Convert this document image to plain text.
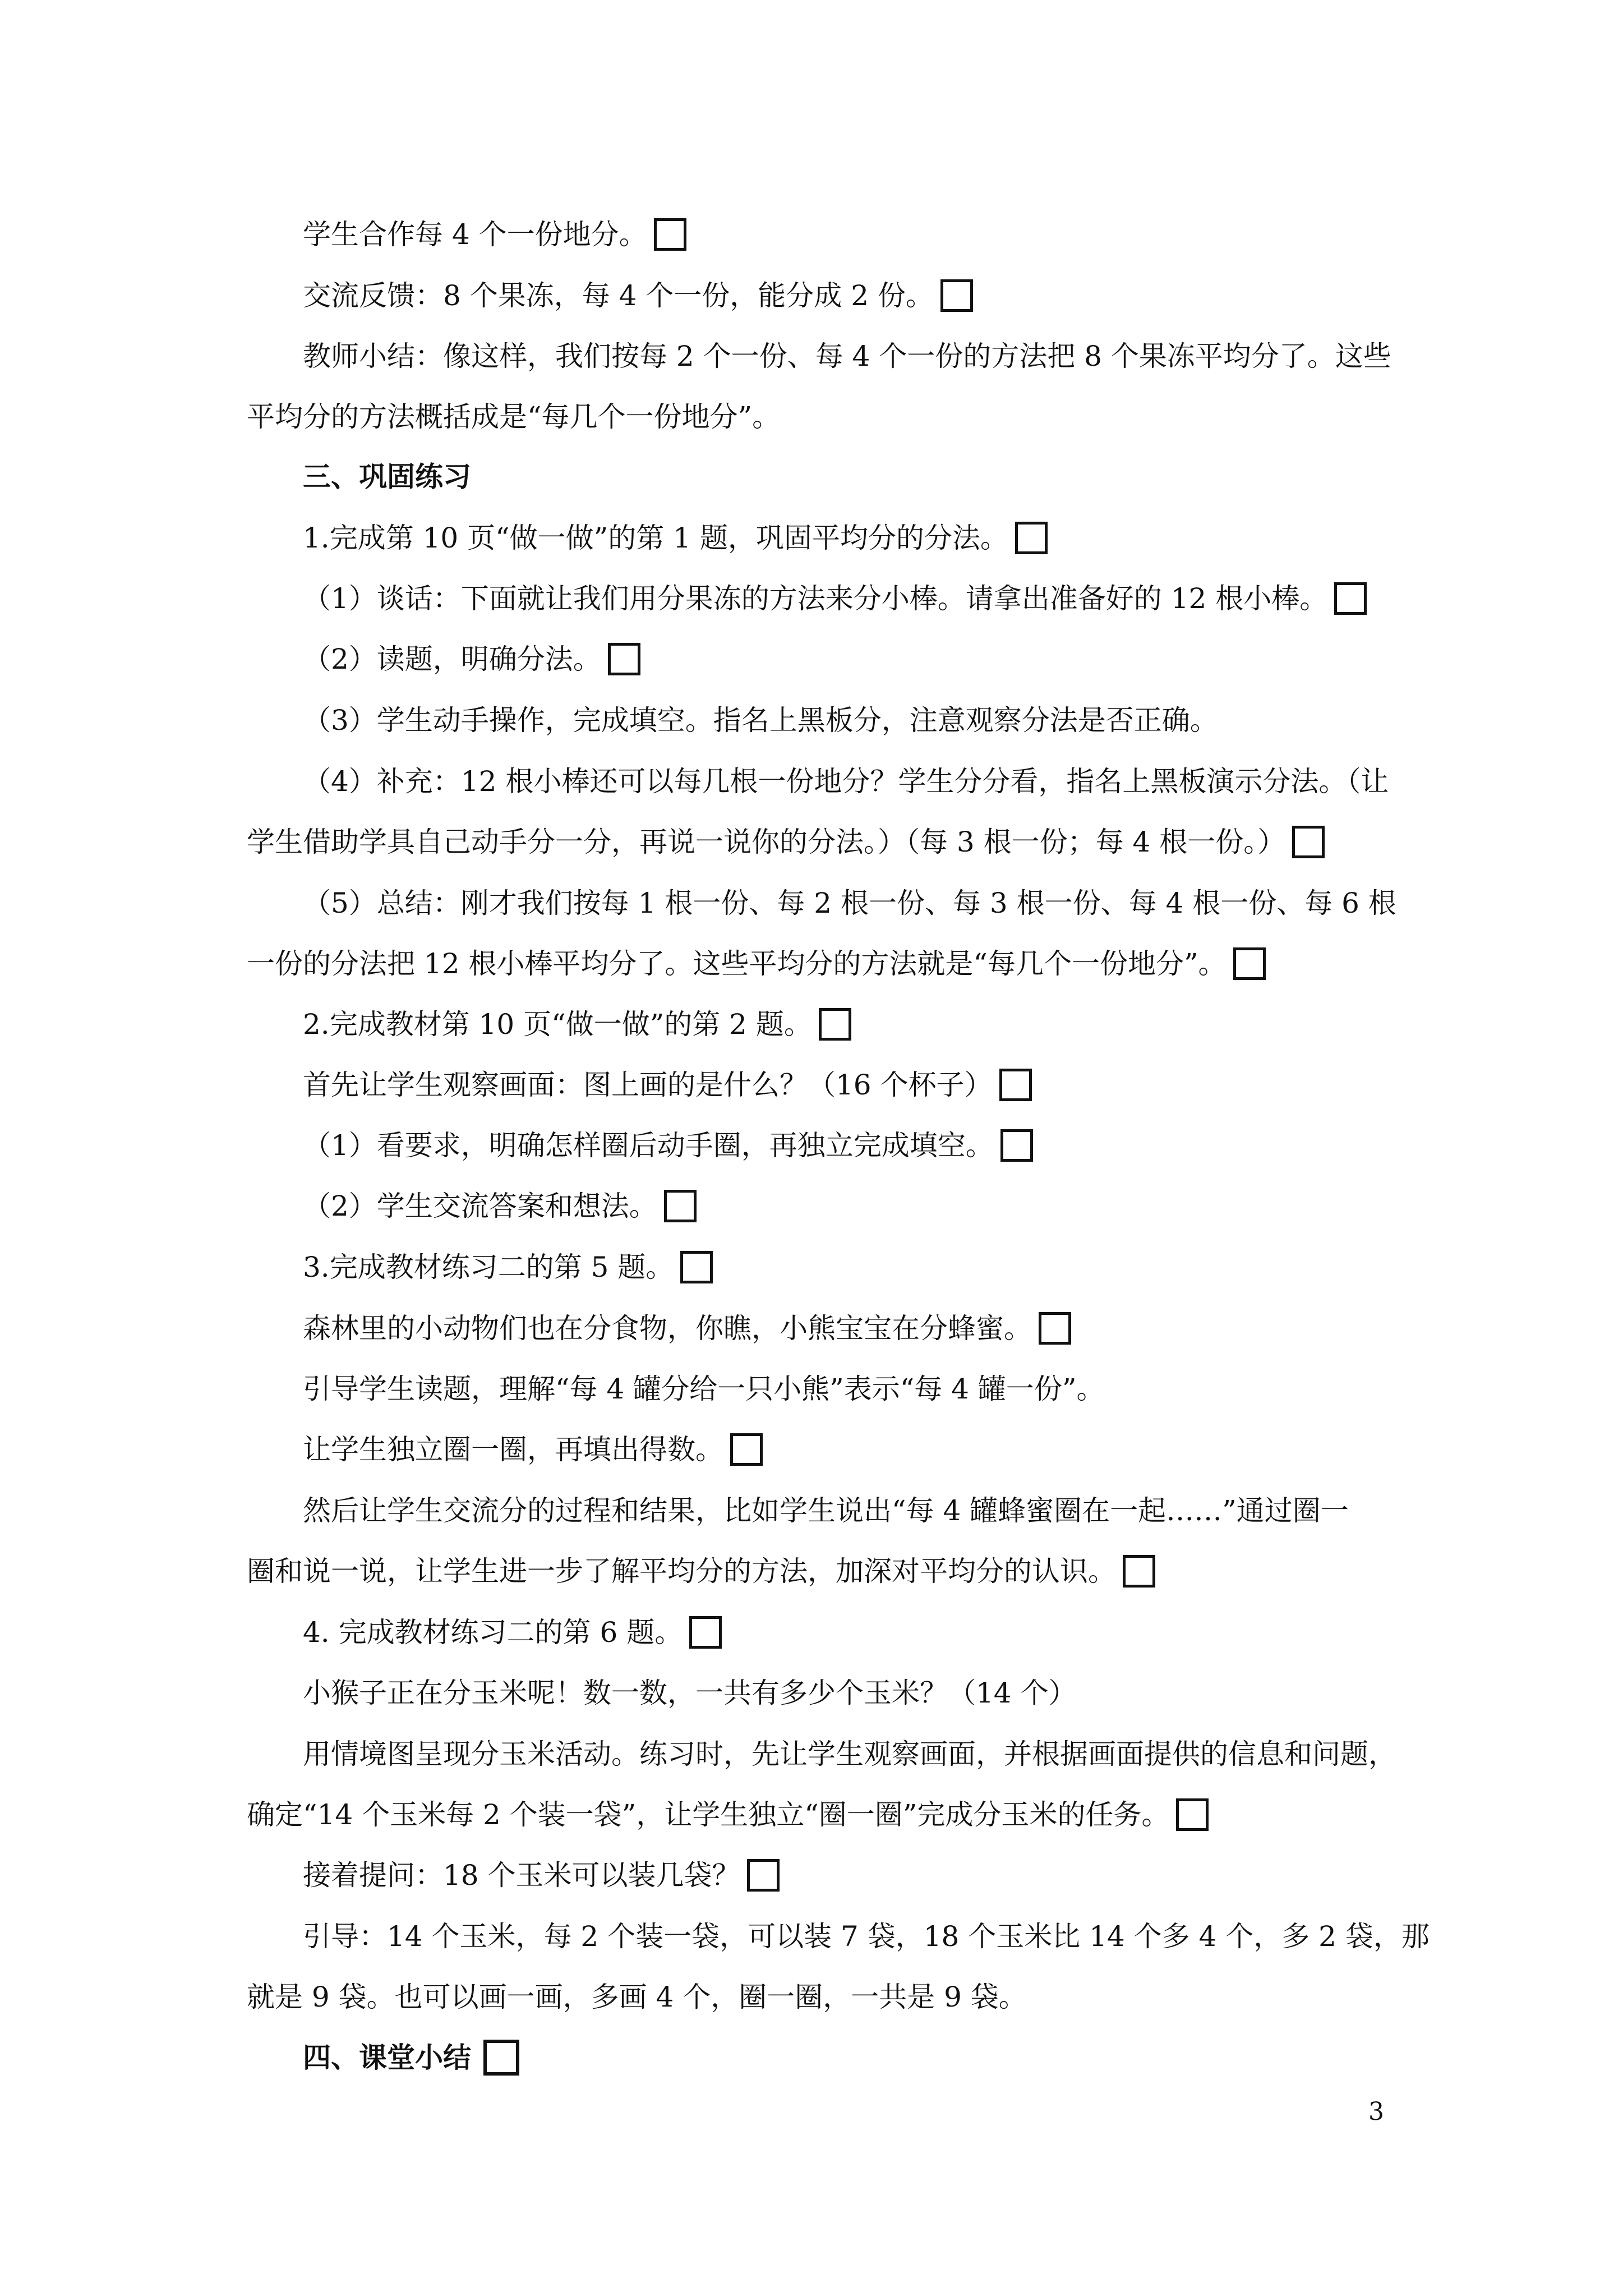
学生合作每 4 个一份地分。
交流反馈：8 个果冻，每 4 个一份，能分成 2 份。
教师小结：像这样，我们按每 2 个一份、每 4 个一份的方法把 8 个果冻平均分了。这些
平均分的方法概括成是“每几个一份地分”。
三、巩固练习
1.完成第 10 页“做一做”的第 1 题，巩固平均分的分法。
（1）谈话：下面就让我们用分果冻的方法来分小棒。请拿出准备好的 12 根小棒。
（2）读题，明确分法。
（3）学生动手操作，完成填空。指名上黑板分，注意观察分法是否正确。
（4）补充：12 根小棒还可以每几根一份地分？学生分分看，指名上黑板演示分法。（让
学生借助学具自己动手分一分，再说一说你的分法。）（每 3 根一份；每 4 根一份。）
（5）总结：刚才我们按每 1 根一份、每 2 根一份、每 3 根一份、每 4 根一份、每 6 根
一份的分法把 12 根小棒平均分了。这些平均分的方法就是“每几个一份地分”。
2.完成教材第 10 页“做一做”的第 2 题。
首先让学生观察画面：图上画的是什么？（16 个杯子）
（1）看要求，明确怎样圈后动手圈，再独立完成填空。
（2）学生交流答案和想法。
3.完成教材练习二的第 5 题。
森林里的小动物们也在分食物，你瞧，小熊宝宝在分蜂蜜。
引导学生读题，理解“每 4 罐分给一只小熊”表示“每 4 罐一份”。
让学生独立圈一圈，再填出得数。
然后让学生交流分的过程和结果，比如学生说出“每 4 罐蜂蜜圈在一起……”通过圈一
圈和说一说，让学生进一步了解平均分的方法，加深对平均分的认识。
4. 完成教材练习二的第 6 题。
小猴子正在分玉米呢！数一数，一共有多少个玉米？（14 个）
用情境图呈现分玉米活动。练习时，先让学生观察画面，并根据画面提供的信息和问题，
确定“14 个玉米每 2 个装一袋”，让学生独立“圈一圈”完成分玉米的任务。
接着提问：18 个玉米可以装几袋？
引导：14 个玉米，每 2 个装一袋，可以装 7 袋，18 个玉米比 14 个多 4 个，多 2 袋，那
就是 9 袋。也可以画一画，多画 4 个，圈一圈，一共是 9 袋。
四、课堂小结
3
